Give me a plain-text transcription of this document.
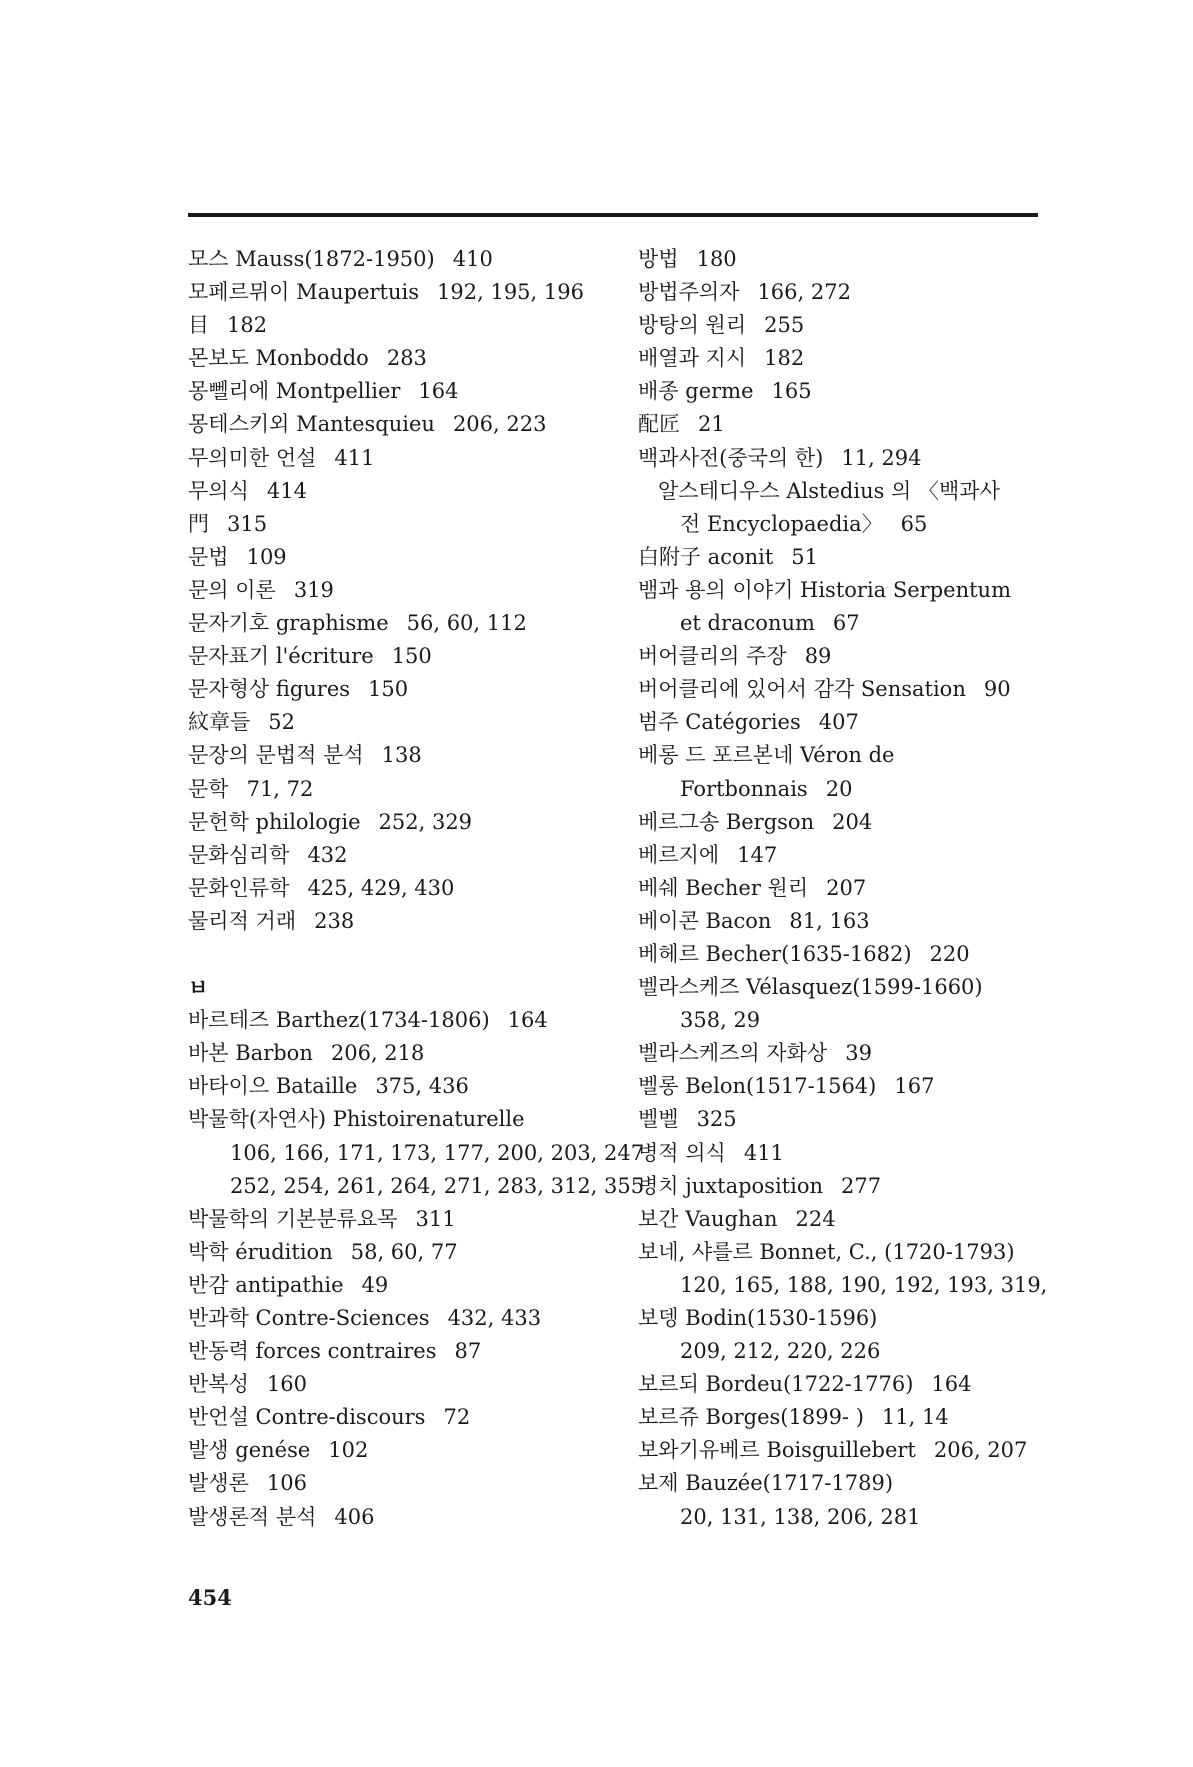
모스 Mauss(1872-1950) 410
모페르뮈이 Maupertuis 192, 195, 196
目 182
몬보도 Monboddo 283
몽뻴리에 Montpellier 164
몽테스키외 Mantesquieu 206, 223
무의미한 언설 411
무의식 414
門 315
문법 109
문의 이론 319
문자기호 graphisme 56, 60, 112
문자표기 l'écriture 150
문자형상 figures 150
紋章들 52
문장의 문법적 분석 138
문학 71, 72
문헌학 philologie 252, 329
문화심리학 432
문화인류학 425, 429, 430
물리적 거래 238
ㅂ
바르테즈 Barthez(1734-1806) 164
바본 Barbon 206, 218
바타이으 Bataille 375, 436
박물학(자연사) Phistoirenaturelle
106, 166, 171, 173, 177, 200, 203, 247
252, 254, 261, 264, 271, 283, 312, 355
박물학의 기본분류요목 311
박학 érudition 58, 60, 77
반감 antipathie 49
반과학 Contre-Sciences 432, 433
반동력 forces contraires 87
반복성 160
반언설 Contre-discours 72
발생 genése 102
발생론 106
발생론적 분석 406
방법 180
방법주의자 166, 272
방탕의 원리 255
배열과 지시 182
배종 germe 165
配匠 21
백과사전(중국의 한) 11, 294
알스테디우스 Alstedius 의 〈백과사
전 Encyclopaedia〉 65
白附子 aconit 51
뱀과 용의 이야기 Historia Serpentum
et draconum 67
버어클리의 주장 89
버어클리에 있어서 감각 Sensation 90
범주 Catégories 407
베롱 드 포르본네 Véron de
Fortbonnais 20
베르그송 Bergson 204
베르지에 147
베쉐 Becher 원리 207
베이콘 Bacon 81, 163
베헤르 Becher(1635-1682) 220
벨라스케즈 Vélasquez(1599-1660)
358, 29
벨라스케즈의 자화상 39
벨롱 Belon(1517-1564) 167
벨벨 325
병적 의식 411
병치 juxtaposition 277
보간 Vaughan 224
보네, 샤를르 Bonnet, C., (1720-1793)
120, 165, 188, 190, 192, 193, 319,
보뎅 Bodin(1530-1596)
209, 212, 220, 226
보르되 Bordeu(1722-1776) 164
보르쥬 Borges(1899- ) 11, 14
보와기유베르 Boisguillebert 206, 207
보제 Bauzée(1717-1789)
20, 131, 138, 206, 281
454
